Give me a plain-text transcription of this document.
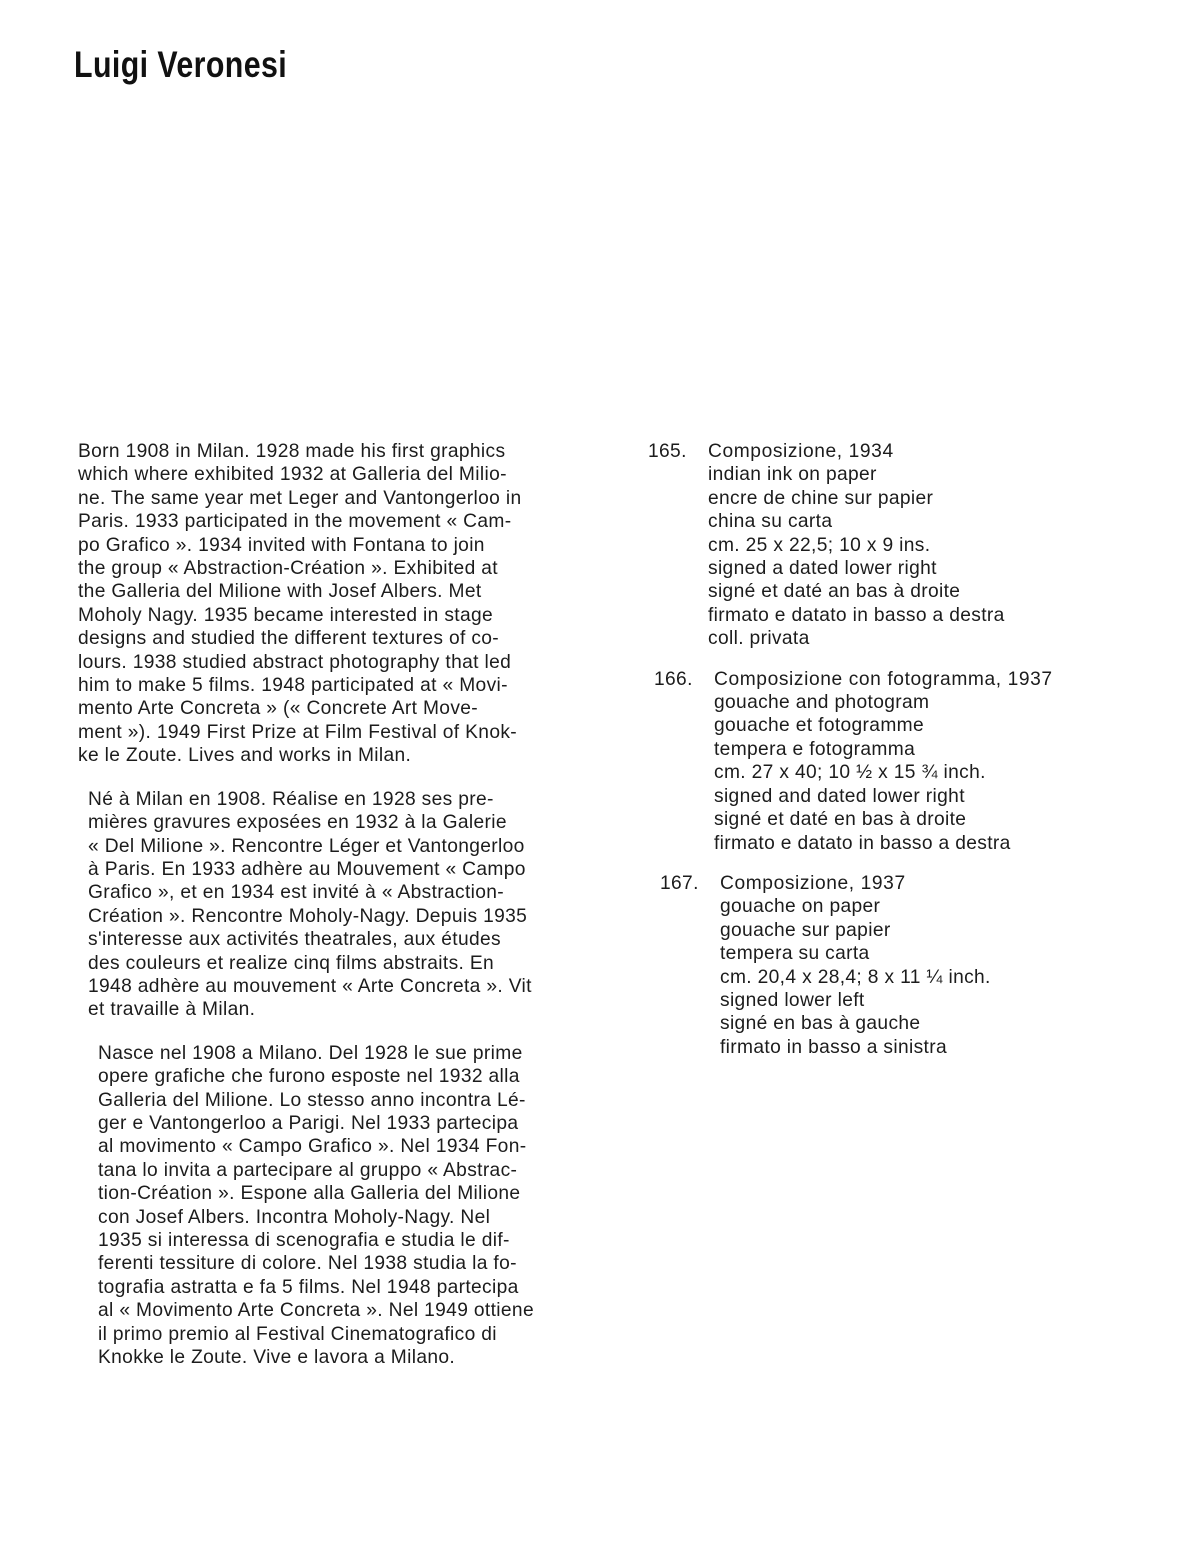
Luigi Veronesi

Born 1908 in Milan. 1928 made his first graphics
which where exhibited 1932 at Galleria del Milio-
ne. The same year met Leger and Vantongerloo in
Paris. 1933 participated in the movement « Cam-
po Grafico ». 1934 invited with Fontana to join
the group « Abstraction-Création ». Exhibited at
the Galleria del Milione with Josef Albers. Met
Moholy Nagy. 1935 became interested in stage
designs and studied the different textures of co-
lours. 1938 studied abstract photography that led
him to make 5 films. 1948 participated at « Movi-
mento Arte Concreta » (« Concrete Art Move-
ment »). 1949 First Prize at Film Festival of Knok-
ke le Zoute. Lives and works in Milan.

Né à Milan en 1908. Réalise en 1928 ses pre-
mières gravures exposées en 1932 à la Galerie
« Del Milione ». Rencontre Léger et Vantongerloo
à Paris. En 1933 adhère au Mouvement « Campo
Grafico », et en 1934 est invité à « Abstraction-
Création ». Rencontre Moholy-Nagy. Depuis 1935
s'interesse aux activités theatrales, aux études
des couleurs et realize cinq films abstraits. En
1948 adhère au mouvement « Arte Concreta ». Vit
et travaille à Milan.

Nasce nel 1908 a Milano. Del 1928 le sue prime
opere grafiche che furono esposte nel 1932 alla
Galleria del Milione. Lo stesso anno incontra Lé-
ger e Vantongerloo a Parigi. Nel 1933 partecipa
al movimento « Campo Grafico ». Nel 1934 Fon-
tana lo invita a partecipare al gruppo « Abstrac-
tion-Création ». Espone alla Galleria del Milione
con Josef Albers. Incontra Moholy-Nagy. Nel
1935 si interessa di scenografia e studia le dif-
ferenti tessiture di colore. Nel 1938 studia la fo-
tografia astratta e fa 5 films. Nel 1948 partecipa
al « Movimento Arte Concreta ». Nel 1949 ottiene
il primo premio al Festival Cinematografico di
Knokke le Zoute. Vive e lavora a Milano.

165.	Composizione, 1934
indian ink on paper
encre de chine sur papier
china su carta
cm. 25 x 22,5; 10 x 9 ins.
signed a dated lower right
signé et daté an bas à droite
firmato e datato in basso a destra
coll. privata
166.	Composizione con fotogramma, 1937
gouache and photogram
gouache et fotogramme
tempera e fotogramma
cm. 27 x 40; 10 ½ x 15 ¾ inch.
signed and dated lower right
signé et daté en bas à droite
firmato e datato in basso a destra
167.	Composizione, 1937
gouache on paper
gouache sur papier
tempera su carta
cm. 20,4 x 28,4; 8 x 11 ¼ inch.
signed lower left
signé en bas à gauche
firmato in basso a sinistra
